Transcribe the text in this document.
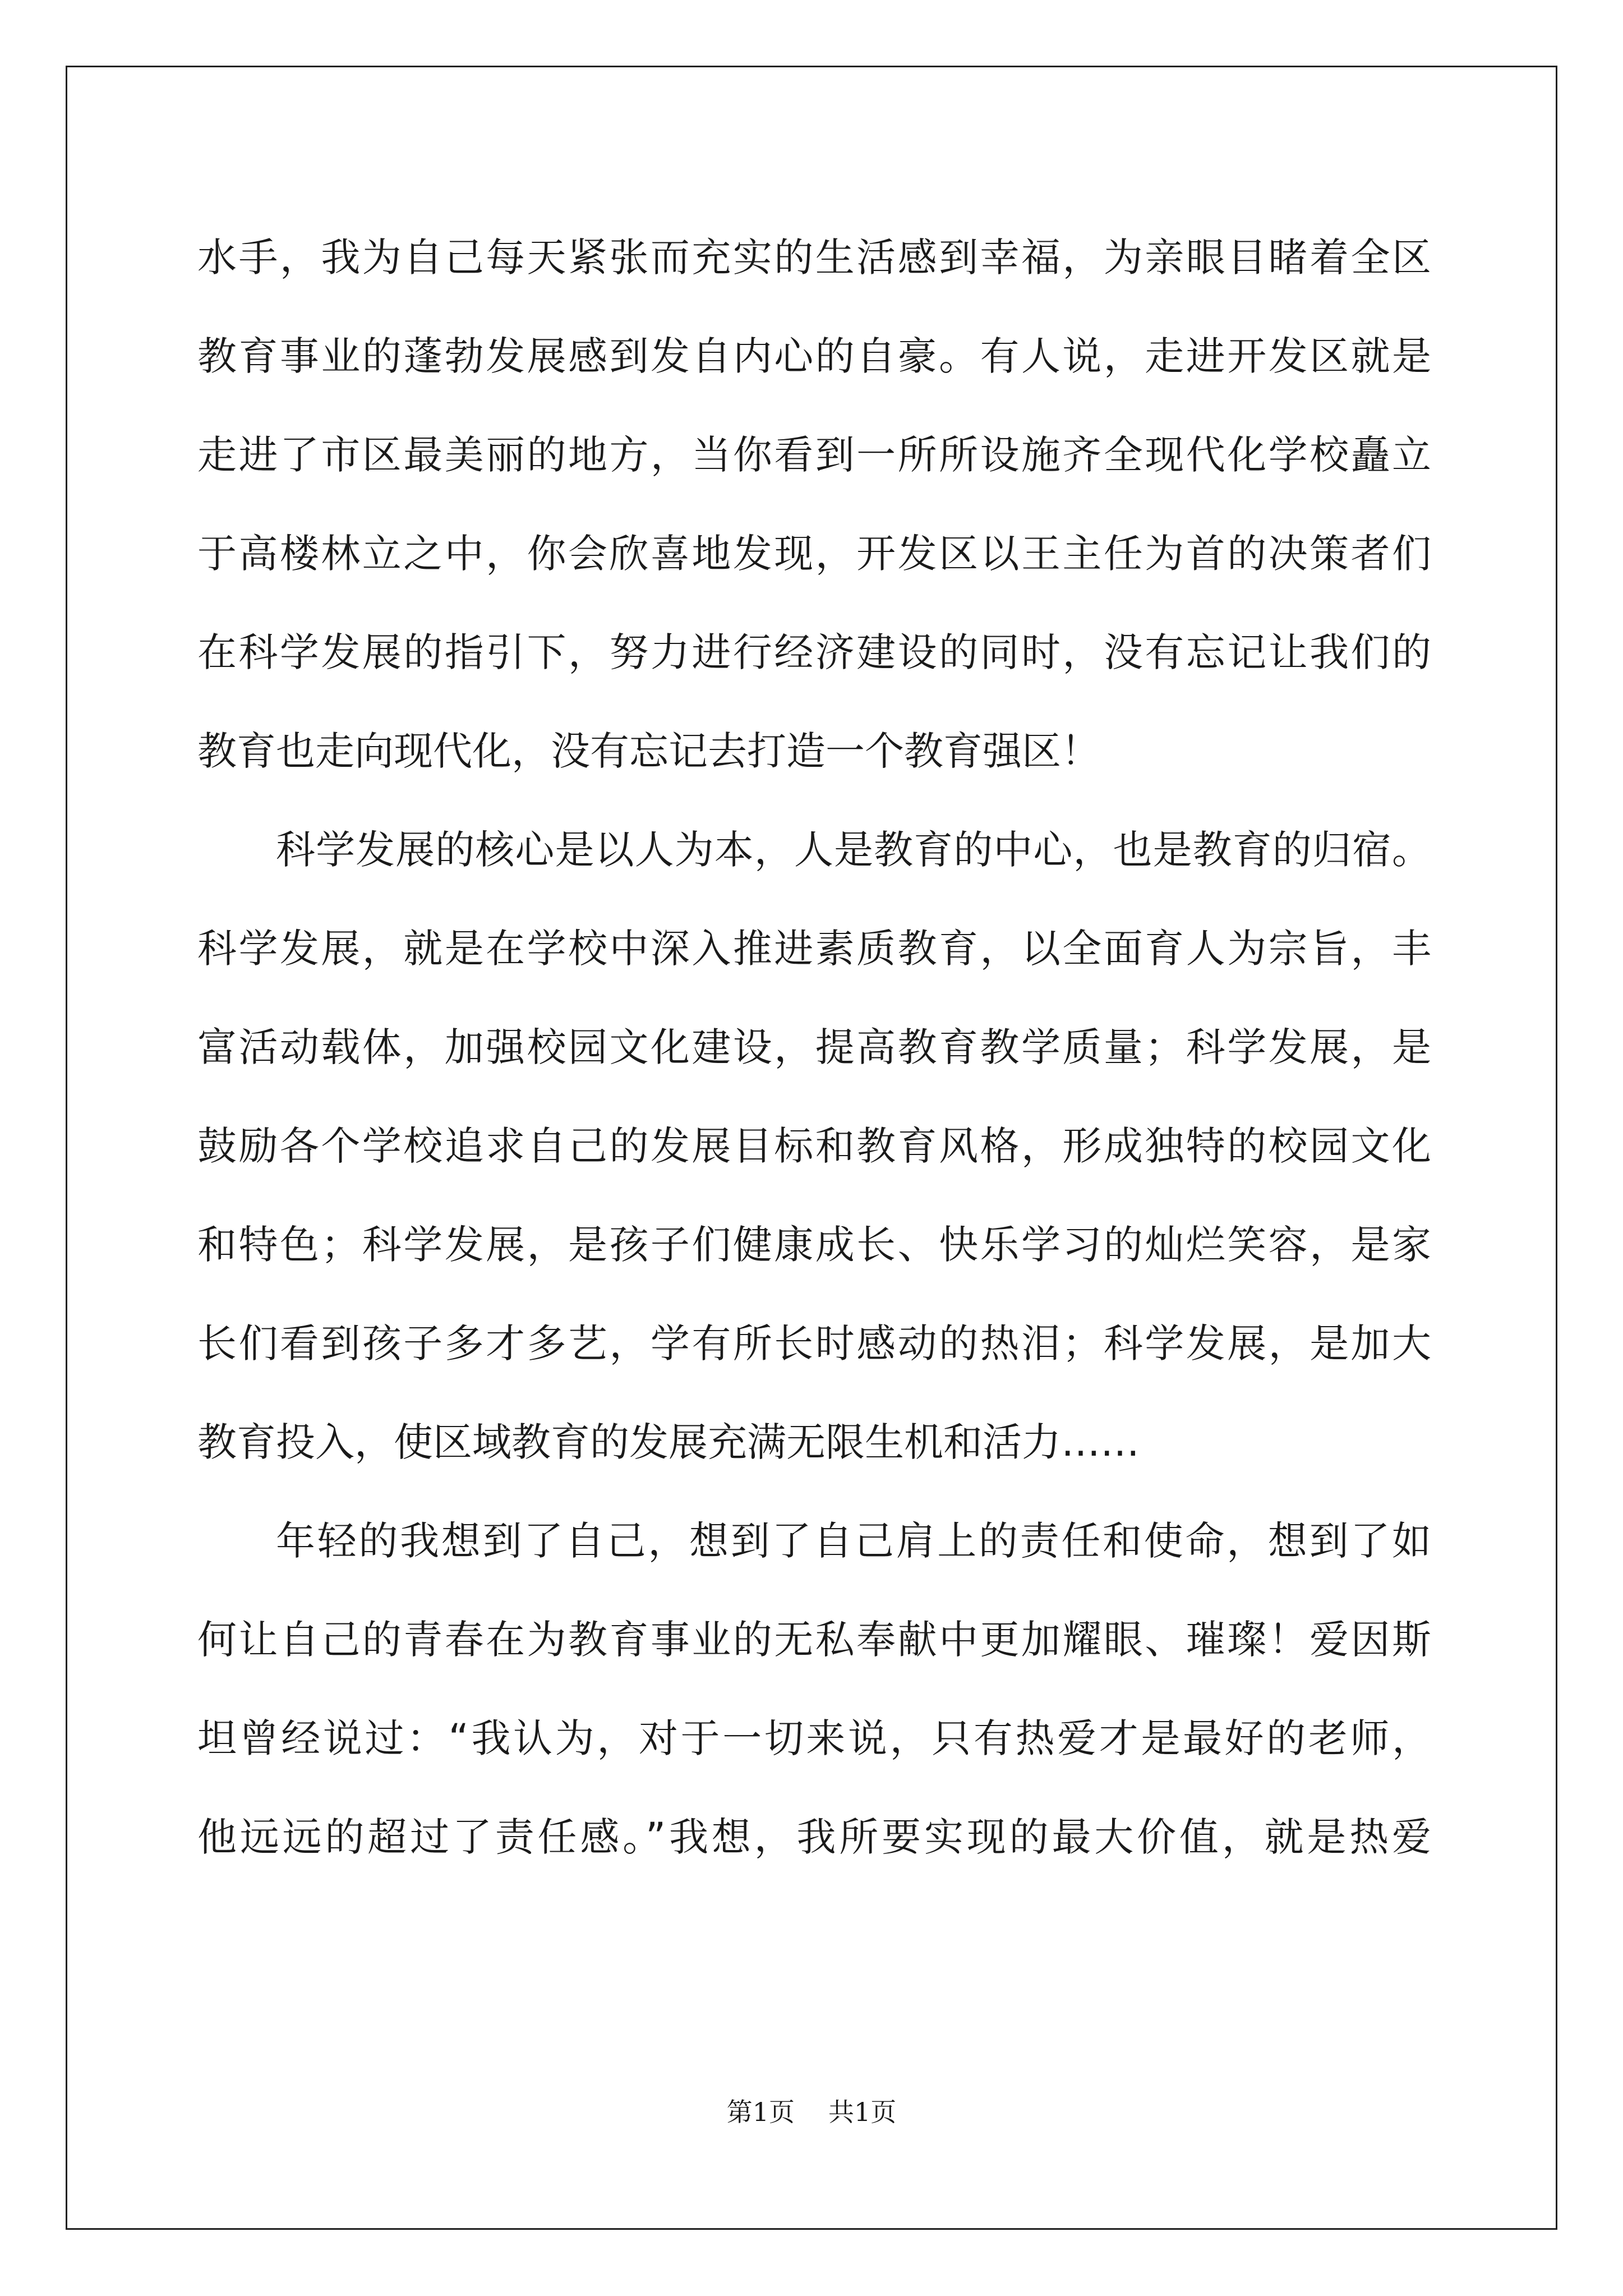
水手，我为自己每天紧张而充实的生活感到幸福，为亲眼目睹着全区
教育事业的蓬勃发展感到发自内心的自豪。有人说，走进开发区就是
走进了市区最美丽的地方，当你看到一所所设施齐全现代化学校矗立
于高楼林立之中，你会欣喜地发现，开发区以王主任为首的决策者们
在科学发展的指引下，努力进行经济建设的同时，没有忘记让我们的
教育也走向现代化，没有忘记去打造一个教育强区！
科学发展的核心是以人为本，人是教育的中心，也是教育的归宿。
科学发展，就是在学校中深入推进素质教育，以全面育人为宗旨，丰
富活动载体，加强校园文化建设，提高教育教学质量；科学发展，是
鼓励各个学校追求自己的发展目标和教育风格，形成独特的校园文化
和特色；科学发展，是孩子们健康成长、快乐学习的灿烂笑容，是家
长们看到孩子多才多艺，学有所长时感动的热泪；科学发展，是加大
教育投入，使区域教育的发展充满无限生机和活力……
年轻的我想到了自己，想到了自己肩上的责任和使命，想到了如
何让自己的青春在为教育事业的无私奉献中更加耀眼、璀璨！爱因斯
坦曾经说过：“我认为，对于一切来说，只有热爱才是最好的老师，
他远远的超过了责任感。”我想，我所要实现的最大价值，就是热爱
第1页 共1页
